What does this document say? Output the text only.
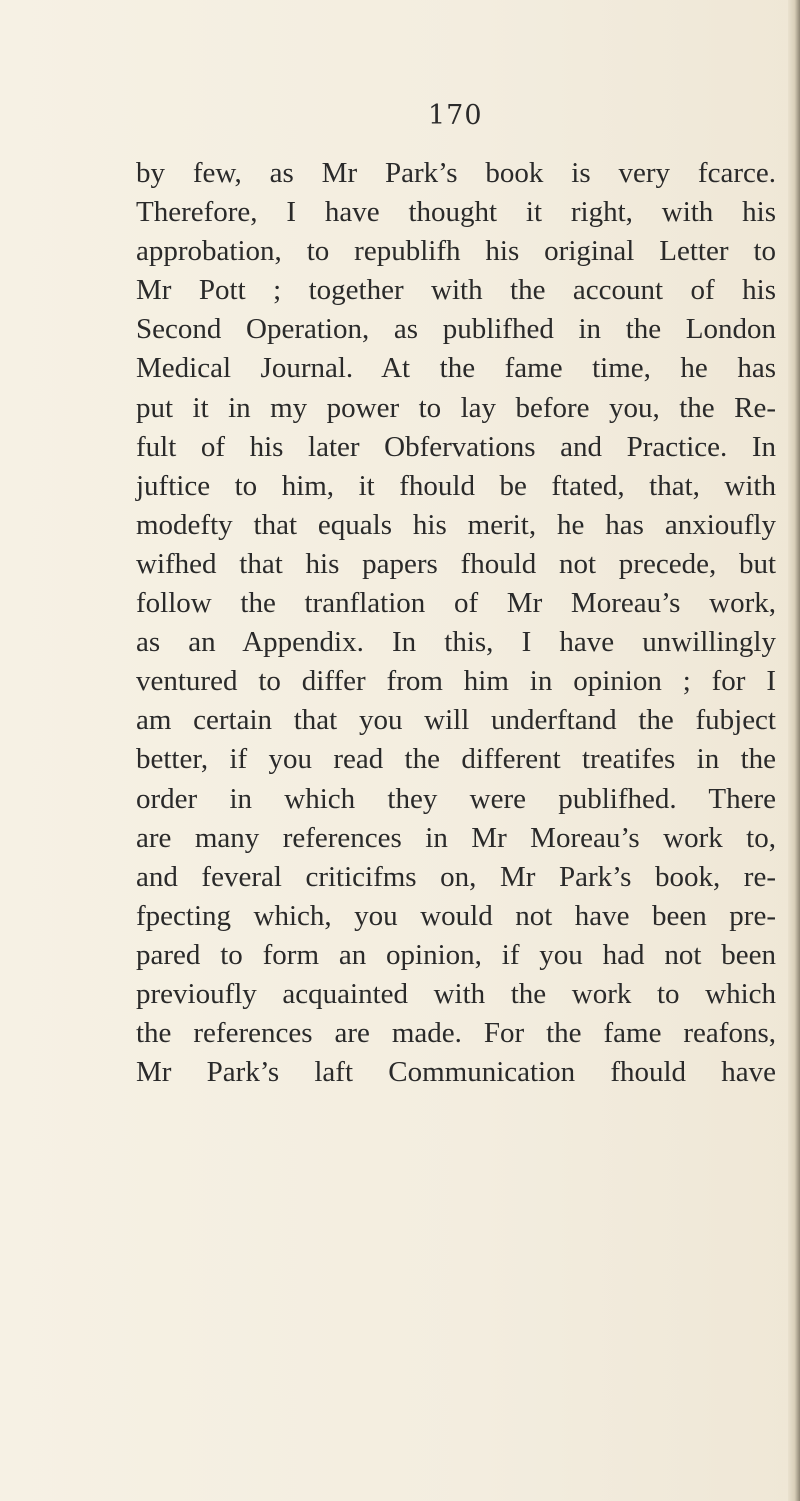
170
by few, as Mr Park’s book is very fcarce.
Therefore, I have thought it right, with his
approbation, to republifh his original Letter to
Mr Pott ; together with the account of his
Second Operation, as publifhed in the London
Medical Journal. At the fame time, he has
put it in my power to lay before you, the Re-
fult of his later Obfervations and Practice. In
juftice to him, it fhould be ftated, that, with
modefty that equals his merit, he has anxioufly
wifhed that his papers fhould not precede, but
follow the tranflation of Mr Moreau’s work,
as an Appendix. In this, I have unwillingly
ventured to differ from him in opinion ; for I
am certain that you will underftand the fubject
better, if you read the different treatifes in the
order in which they were publifhed. There
are many references in Mr Moreau’s work to,
and feveral criticifms on, Mr Park’s book, re-
fpecting which, you would not have been pre-
pared to form an opinion, if you had not been
previoufly acquainted with the work to which
the references are made. For the fame reafons,
Mr Park’s laft Communication fhould have
